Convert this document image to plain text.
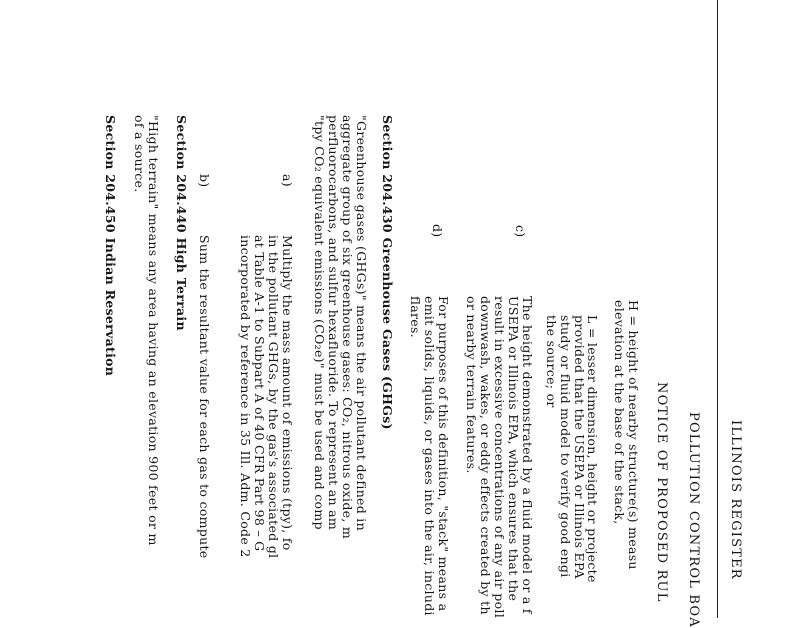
ILLINOIS REGISTER
POLLUTION CONTROL BOA
NOTICE OF PROPOSED RUL
H = height of nearby structure(s) measu
elevation at the base of the stack,
L = lesser dimension, height or projecte
provided that the USEPA or Illinois EPA
study or fluid model to verify good engi
the source; or
c)
The height demonstrated by a fluid model or a f
USEPA or Illinois EPA, which ensures that the
result in excessive concentrations of any air poll
downwash, wakes, or eddy effects created by th
or nearby terrain features.
d)
For purposes of this definition, "stack" means a
emit solids, liquids, or gases into the air, includi
flares.
Section 204.430 Greenhouse Gases (GHGs)
"Greenhouse gases (GHGs)" means the air pollutant defined in
aggregate group of six greenhouse gases: CO₂, nitrous oxide, m
perfluorocarbons, and sulfur hexafluoride. To represent an am
"tpy CO₂ equivalent emissions (CO₂e)" must be used and comp
a)
Multiply the mass amount of emissions (tpy), fo
in the pollutant GHGs, by the gas's associated gl
at Table A-1 to Subpart A of 40 CFR Part 98 – G
incorporated by reference in 35 Ill. Adm. Code 2
b)
Sum the resultant value for each gas to compute
Section 204.440 High Terrain
"High terrain" means any area having an elevation 900 feet or m
of a source.
Section 204.450 Indian Reservation
